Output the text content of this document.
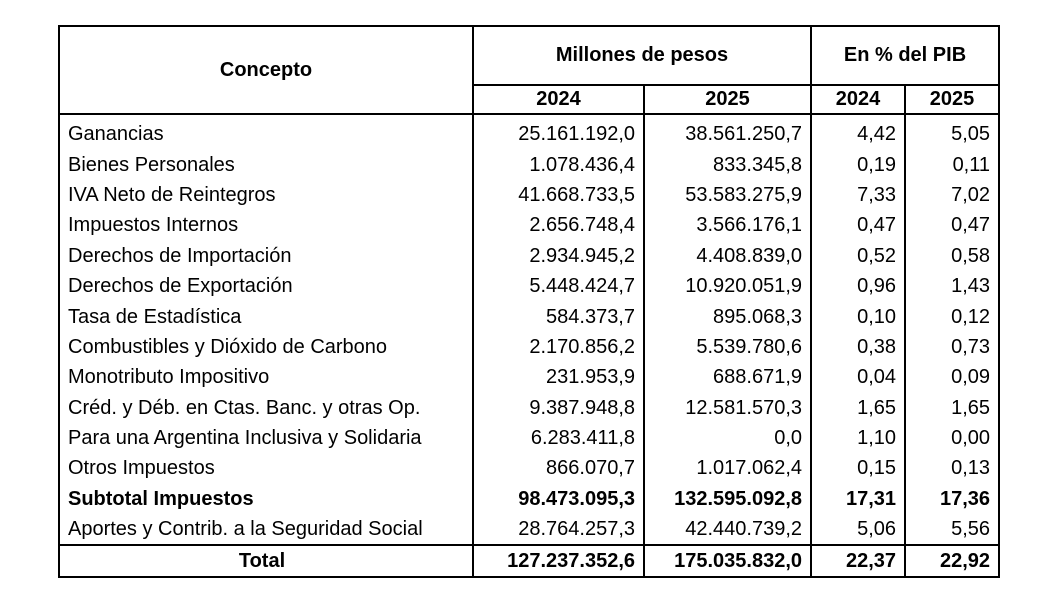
Concepto	Millones de pesos		En % del PIB	
	2024	2025	2024	2025
Ganancias	25.161.192,0	38.561.250,7	4,42	5,05
Bienes Personales	1.078.436,4	833.345,8	0,19	0,11
IVA Neto de Reintegros	41.668.733,5	53.583.275,9	7,33	7,02
Impuestos Internos	2.656.748,4	3.566.176,1	0,47	0,47
Derechos de Importación	2.934.945,2	4.408.839,0	0,52	0,58
Derechos de Exportación	5.448.424,7	10.920.051,9	0,96	1,43
Tasa de Estadística	584.373,7	895.068,3	0,10	0,12
Combustibles y Dióxido de Carbono	2.170.856,2	5.539.780,6	0,38	0,73
Monotributo Impositivo	231.953,9	688.671,9	0,04	0,09
Créd. y Déb. en Ctas. Banc. y otras Op.	9.387.948,8	12.581.570,3	1,65	1,65
Para una Argentina Inclusiva y Solidaria	6.283.411,8	0,0	1,10	0,00
Otros Impuestos	866.070,7	1.017.062,4	0,15	0,13
Subtotal Impuestos	98.473.095,3	132.595.092,8	17,31	17,36
Aportes y Contrib. a la Seguridad Social	28.764.257,3	42.440.739,2	5,06	5,56
Total	127.237.352,6	175.035.832,0	22,37	22,92
